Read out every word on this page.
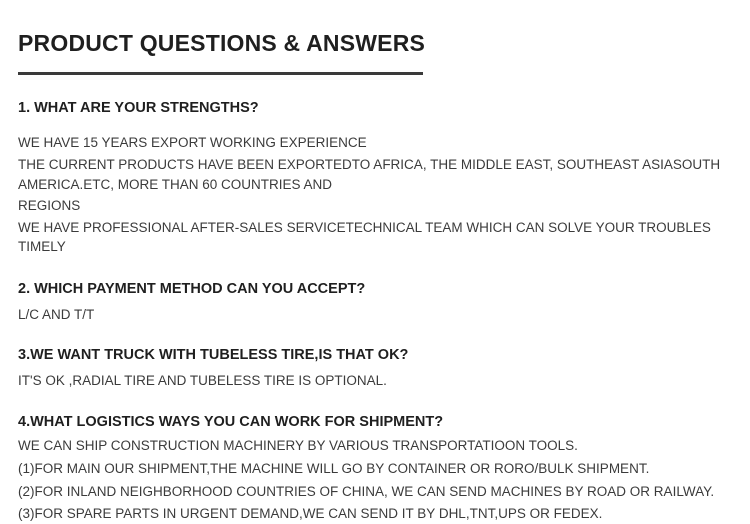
PRODUCT QUESTIONS & ANSWERS
1. WHAT ARE YOUR STRENGTHS?
WE HAVE 15 YEARS EXPORT WORKING EXPERIENCE
THE CURRENT PRODUCTS HAVE BEEN EXPORTEDTO AFRICA, THE MIDDLE EAST, SOUTHEAST ASIASOUTH AMERICA.ETC, MORE THAN 60 COUNTRIES AND
REGIONS
WE HAVE PROFESSIONAL AFTER-SALES SERVICETECHNICAL TEAM WHICH CAN SOLVE YOUR TROUBLES TIMELY
2. WHICH PAYMENT METHOD CAN YOU ACCEPT?
L/C AND T/T
3.WE WANT TRUCK WITH TUBELESS TIRE,IS THAT OK?
IT'S OK ,RADIAL TIRE AND TUBELESS TIRE IS OPTIONAL.
4.WHAT LOGISTICS WAYS YOU CAN WORK FOR SHIPMENT?
WE CAN SHIP CONSTRUCTION MACHINERY BY VARIOUS TRANSPORTATIOON TOOLS.
(1)FOR MAIN OUR SHIPMENT,THE MACHINE WILL GO BY CONTAINER OR RORO/BULK SHIPMENT.
(2)FOR INLAND NEIGHBORHOOD COUNTRIES OF CHINA, WE CAN SEND MACHINES BY ROAD OR RAILWAY.
(3)FOR SPARE PARTS IN URGENT DEMAND,WE CAN SEND IT BY DHL,TNT,UPS OR FEDEX.
